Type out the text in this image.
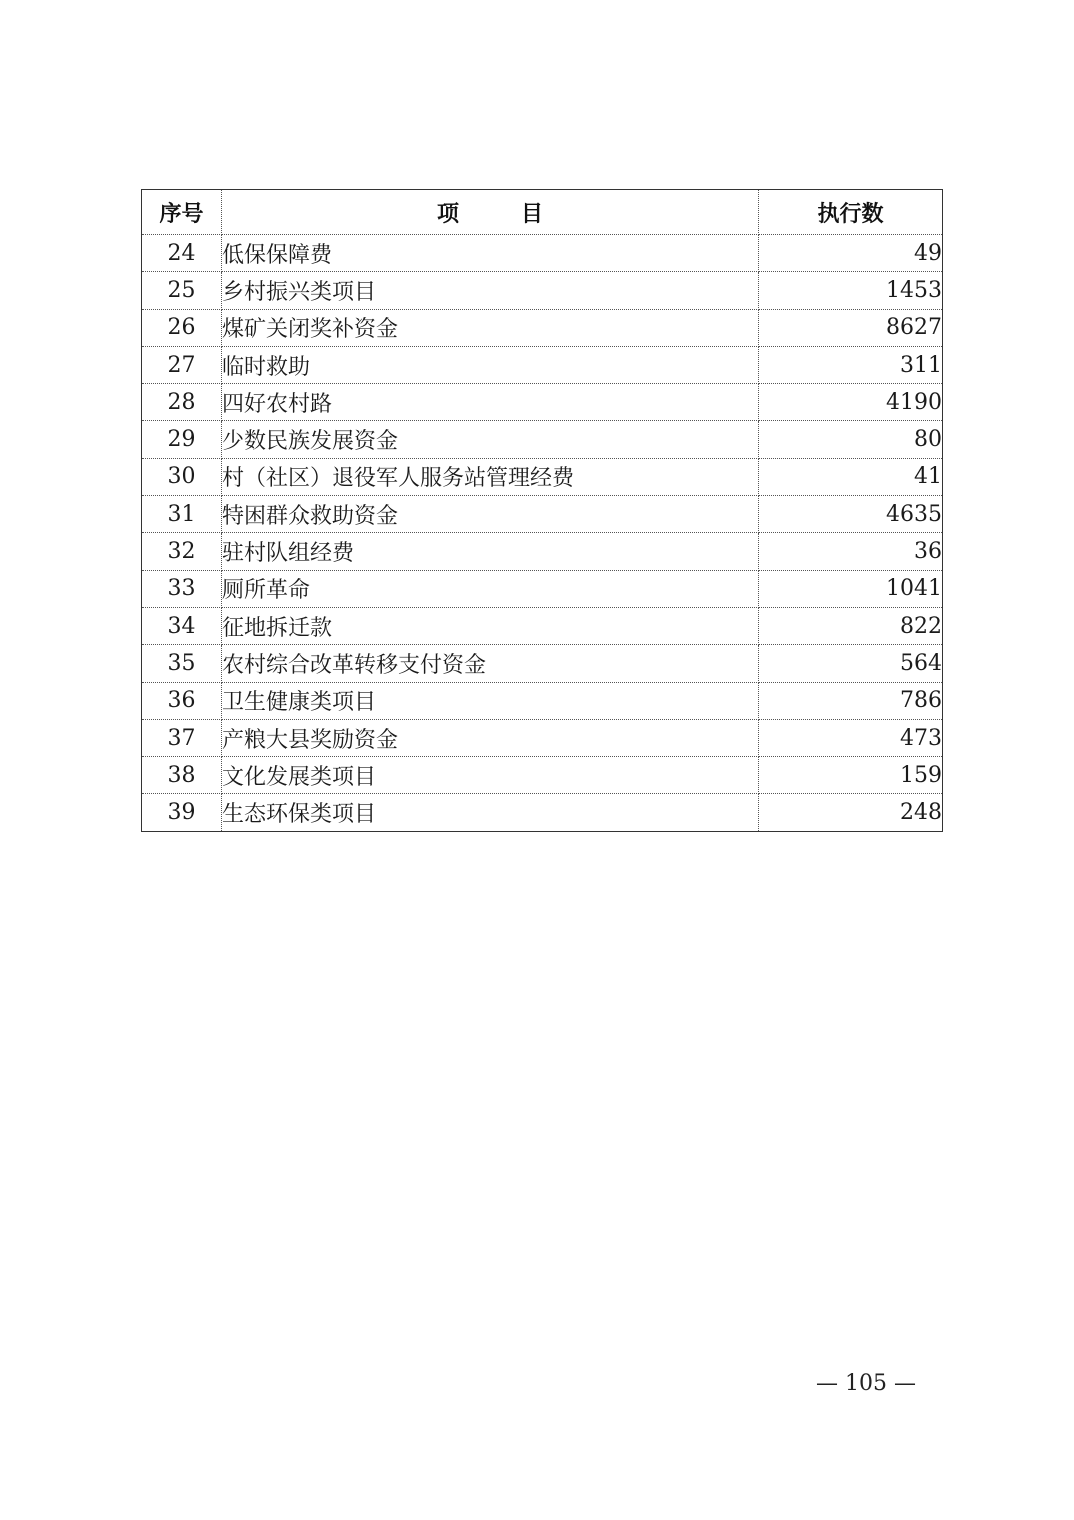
序号	项 目	执行数
24	低保保障费	49
25	乡村振兴类项目	1453
26	煤矿关闭奖补资金	8627
27	临时救助	311
28	四好农村路	4190
29	少数民族发展资金	80
30	村（社区）退役军人服务站管理经费	41
31	特困群众救助资金	4635
32	驻村队组经费	36
33	厕所革命	1041
34	征地拆迁款	822
35	农村综合改革转移支付资金	564
36	卫生健康类项目	786
37	产粮大县奖励资金	473
38	文化发展类项目	159
39	生态环保类项目	248
— 105 —
